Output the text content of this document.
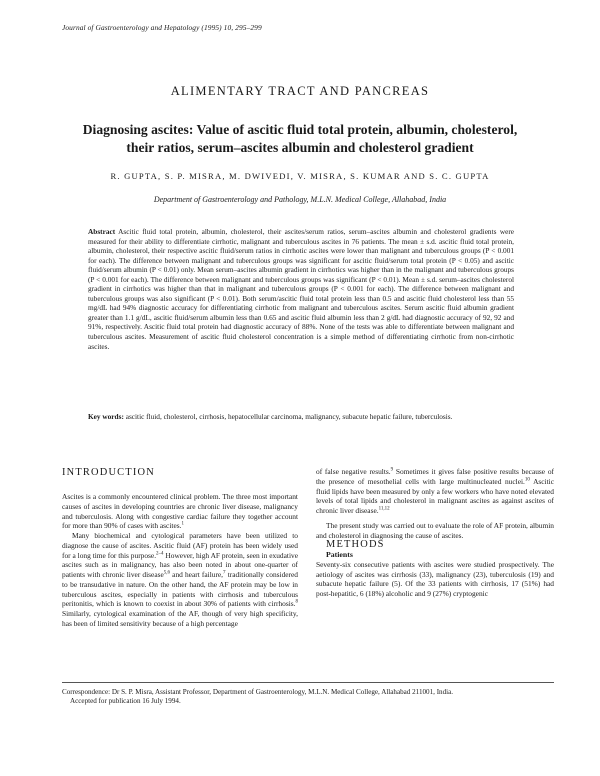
Journal of Gastroenterology and Hepatology (1995) 10, 295–299
ALIMENTARY TRACT AND PANCREAS
Diagnosing ascites: Value of ascitic fluid total protein, albumin, cholesterol, their ratios, serum–ascites albumin and cholesterol gradient
R. GUPTA, S. P. MISRA, M. DWIVEDI, V. MISRA, S. KUMAR AND S. C. GUPTA
Department of Gastroenterology and Pathology, M.L.N. Medical College, Allahabad, India
Abstract Ascitic fluid total protein, albumin, cholesterol, their ascites/serum ratios, serum–ascites albumin and cholesterol gradients were measured for their ability to differentiate cirrhotic, malignant and tuberculous ascites in 76 patients. The mean ± s.d. ascitic fluid total protein, albumin, cholesterol, their respective ascitic fluid/serum ratios in cirrhotic ascites were lower than malignant and tuberculous groups (P < 0.001 for each). The difference between malignant and tuberculous groups was significant for ascitic fluid/serum total protein (P < 0.05) and ascitic fluid/serum albumin (P < 0.01) only. Mean serum–ascites albumin gradient in cirrhotics was higher than in the malignant and tuberculous groups (P < 0.001 for each). The difference between malignant and tuberculous groups was significant (P < 0.01). Mean ± s.d. serum–ascites cholesterol gradient in cirrhotics was higher than that in malignant and tuberculous groups (P < 0.001 for each). The difference between malignant and tuberculous groups was also significant (P < 0.01). Both serum/ascitic fluid total protein less than 0.5 and ascitic fluid cholesterol less than 55 mg/dL had 94% diagnostic accuracy for differentiating cirrhotic from malignant and tuberculous ascites. Serum ascitic fluid albumin gradient greater than 1.1 g/dL, ascitic fluid/serum albumin less than 0.65 and ascitic fluid albumin less than 2 g/dL had diagnostic accuracy of 92, 92 and 91%, respectively. Ascitic fluid total protein had diagnostic accuracy of 88%. None of the tests was able to differentiate between malignant and tuberculous ascites. Measurement of ascitic fluid cholesterol concentration is a simple method of differentiating cirrhotic from non-cirrhotic ascites.
Key words: ascitic fluid, cholesterol, cirrhosis, hepatocellular carcinoma, malignancy, subacute hepatic failure, tuberculosis.
INTRODUCTION

Ascites is a commonly encountered clinical problem. The three most important causes of ascites in developing countries are chronic liver disease, malignancy and tuberculosis. Along with congestive cardiac failure they together account for more than 90% of cases with ascites.$^1$

Many biochemical and cytological parameters have been utilized to diagnose the cause of ascites. Ascitic fluid (AF) protein has been widely used for a long time for this purpose.$^{2-4}$ However, high AF protein, seen in exudative ascites such as in malignancy, has also been noted in about one-quarter of patients with chronic liver disease$^{5,6}$ and heart failure,$^7$ traditionally considered to be transudative in nature. On the other hand, the AF protein may be low in tuberculous ascites, especially in patients with cirrhosis and tuberculous peritonitis, which is known to coexist in about 30% of patients with cirrhosis.$^8$ Similarly, cytological examination of the AF, though of very high specificity, has been of limited sensitivity because of a high percentage

of false negative results.$^9$ Sometimes it gives false positive results because of the presence of mesothelial cells with large multinucleated nuclei.$^{10}$ Ascitic fluid lipids have been measured by only a few workers who have noted elevated levels of total lipids and cholesterol in malignant ascites as against ascites of chronic liver disease.$^{11,12}$

The present study was carried out to evaluate the role of AF protein, albumin and cholesterol in diagnosing the cause of ascites.

METHODS

Patients

Seventy-six consecutive patients with ascites were studied prospectively. The aetiology of ascites was cirrhosis (33), malignancy (23), tuberculosis (19) and subacute hepatic failure (5). Of the 33 patients with cirrhosis, 17 (51%) had post-hepatitic, 6 (18%) alcoholic and 9 (27%) cryptogenic

Correspondence: Dr S. P. Misra, Assistant Professor, Department of Gastroenterology, M.L.N. Medical College, Allahabad 211001, India.

Accepted for publication 16 July 1994.
